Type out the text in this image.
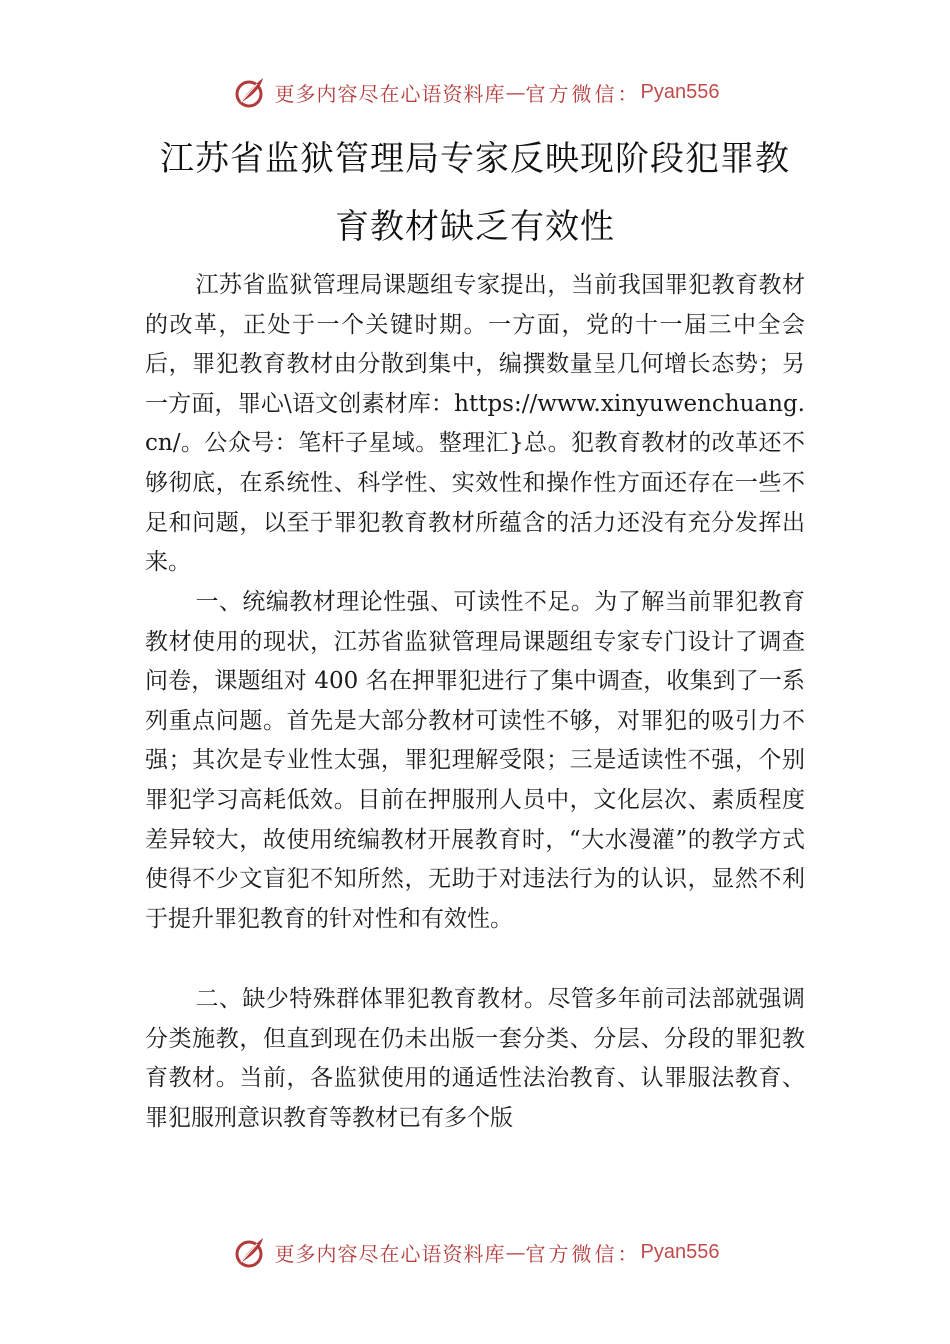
更多内容尽在心语资料库 — 官方微信： Pyan556
江苏省监狱管理局专家反映现阶段犯罪教
育教材缺乏有效性
江苏省监狱管理局课题组专家提出，当前我国罪犯教育教材的改革，正处于一个关键时期。一方面，党的十一届三中全会后，罪犯教育教材由分散到集中，编撰数量呈几何增长态势；另一方面，罪心\语文创素材库：https://www.xinyuwenchuang.cn/。公众号：笔杆子星域。整理汇}总。犯教育教材的改革还不够彻底，在系统性、科学性、实效性和操作性方面还存在一些不足和问题，以至于罪犯教育教材所蕴含的活力还没有充分发挥出来。
一、统编教材理论性强、可读性不足。为了解当前罪犯教育教材使用的现状，江苏省监狱管理局课题组专家专门设计了调查问卷，课题组对 400 名在押罪犯进行了集中调查，收集到了一系列重点问题。首先是大部分教材可读性不够，对罪犯的吸引力不强；其次是专业性太强，罪犯理解受限；三是适读性不强，个别罪犯学习高耗低效。目前在押服刑人员中，文化层次、素质程度差异较大，故使用统编教材开展教育时，“大水漫灌”的教学方式使得不少文盲犯不知所然，无助于对违法行为的认识，显然不利于提升罪犯教育的针对性和有效性。
二、缺少特殊群体罪犯教育教材。尽管多年前司法部就强调分类施教，但直到现在仍未出版一套分类、分层、分段的罪犯教育教材。当前，各监狱使用的通适性法治教育、认罪服法教育、罪犯服刑意识教育等教材已有多个版
更多内容尽在心语资料库 — 官方微信： Pyan556
